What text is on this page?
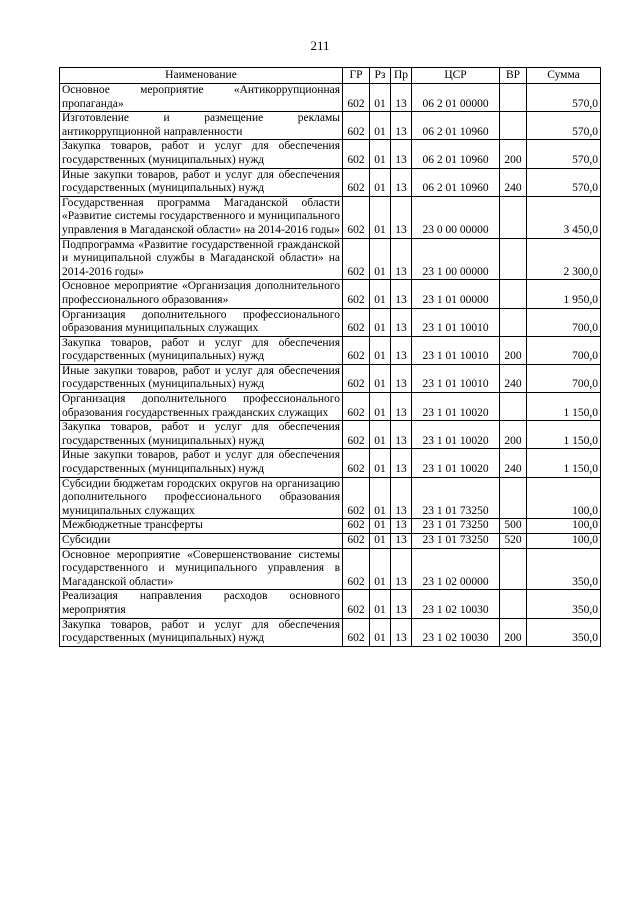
211
Наименование	ГР	Рз	Пр	ЦСР	ВР	Сумма
Основное мероприятие «Антикоррупционная пропаганда»	602	01	13	06 2 01 00000		570,0
Изготовление и размещение рекламы антикоррупционной направленности	602	01	13	06 2 01 10960		570,0
Закупка товаров, работ и услуг для обеспечения государственных (муниципальных) нужд	602	01	13	06 2 01 10960	200	570,0
Иные закупки товаров, работ и услуг для обеспечения государственных (муниципальных) нужд	602	01	13	06 2 01 10960	240	570,0
Государственная программа Магаданской области «Развитие системы государственного и муниципального управления в Магаданской области» на 2014-2016 годы»	602	01	13	23 0 00 00000		3 450,0
Подпрограмма «Развитие государственной гражданской и муниципальной службы в Магаданской области» на 2014-2016 годы»	602	01	13	23 1 00 00000		2 300,0
Основное мероприятие «Организация дополнительного профессионального образования»	602	01	13	23 1 01 00000		1 950,0
Организация дополнительного профессионального образования муниципальных служащих	602	01	13	23 1 01 10010		700,0
Закупка товаров, работ и услуг для обеспечения государственных (муниципальных) нужд	602	01	13	23 1 01 10010	200	700,0
Иные закупки товаров, работ и услуг для обеспечения государственных (муниципальных) нужд	602	01	13	23 1 01 10010	240	700,0
Организация дополнительного профессионального образования государственных гражданских служащих	602	01	13	23 1 01 10020		1 150,0
Закупка товаров, работ и услуг для обеспечения государственных (муниципальных) нужд	602	01	13	23 1 01 10020	200	1 150,0
Иные закупки товаров, работ и услуг для обеспечения государственных (муниципальных) нужд	602	01	13	23 1 01 10020	240	1 150,0
Субсидии бюджетам городских округов на организацию дополнительного профессионального образования муниципальных служащих	602	01	13	23 1 01 73250		100,0
Межбюджетные трансферты	602	01	13	23 1 01 73250	500	100,0
Субсидии	602	01	13	23 1 01 73250	520	100,0
Основное мероприятие «Совершенствование системы государственного и муниципального управления в Магаданской области»	602	01	13	23 1 02 00000		350,0
Реализация направления расходов основного мероприятия	602	01	13	23 1 02 10030		350,0
Закупка товаров, работ и услуг для обеспечения государственных (муниципальных) нужд	602	01	13	23 1 02 10030	200	350,0
